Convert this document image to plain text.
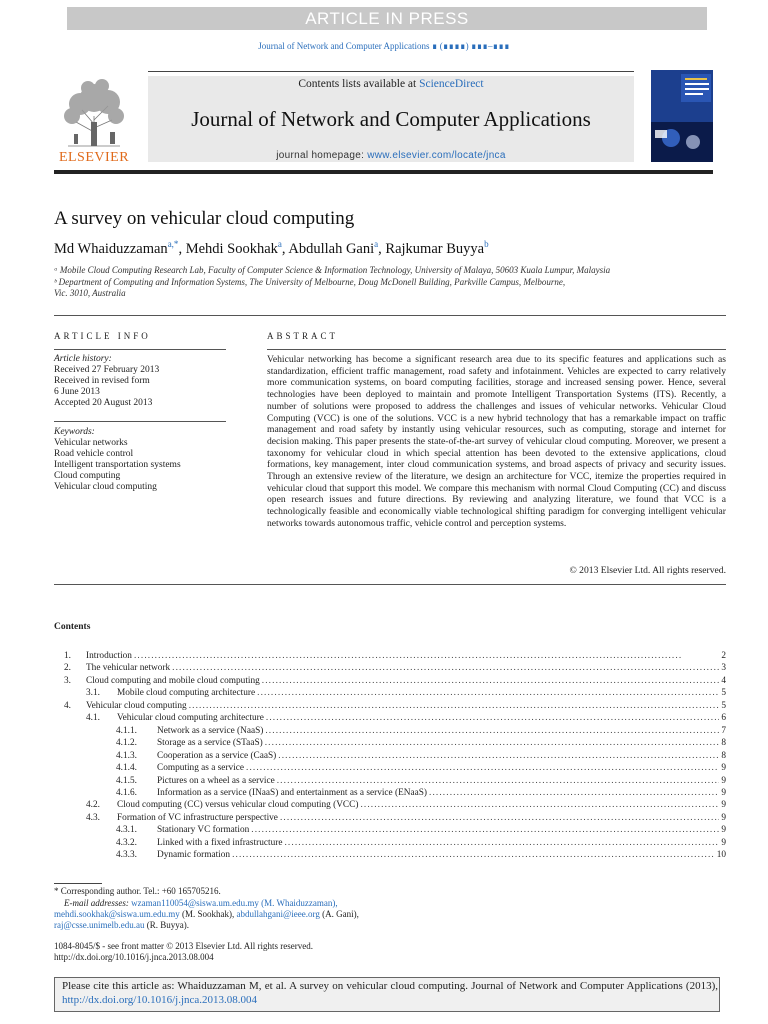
ARTICLE IN PRESS
Journal of Network and Computer Applications ∎ (∎∎∎∎) ∎∎∎–∎∎∎
Contents lists available at ScienceDirect
Journal of Network and Computer Applications
journal homepage: www.elsevier.com/locate/jnca
ELSEVIER
A survey on vehicular cloud computing
Md Whaiduzzaman$^{a,*}$, Mehdi Sookhak$^a$, Abdullah Gani$^a$, Rajkumar Buyya$^b$
ᵃ Mobile Cloud Computing Research Lab, Faculty of Computer Science & Information Technology, University of Malaya, 50603 Kuala Lumpur, Malaysia
ᵇ Department of Computing and Information Systems, The University of Melbourne, Doug McDonell Building, Parkville Campus, Melbourne,
Vic. 3010, Australia
ARTICLE INFO
Article history:
Received 27 February 2013
Received in revised form
6 June 2013
Accepted 20 August 2013
Keywords:
Vehicular networks
Road vehicle control
Intelligent transportation systems
Cloud computing
Vehicular cloud computing
ABSTRACT
Vehicular networking has become a significant research area due to its specific features and applications such as standardization, efficient traffic management, road safety and infotainment. Vehicles are expected to carry relatively more communication systems, on board computing facilities, storage and increased sensing power. Hence, several technologies have been deployed to maintain and promote Intelligent Transportation Systems (ITS). Recently, a number of solutions were proposed to address the challenges and issues of vehicular networks. Vehicular Cloud Computing (VCC) is one of the solutions. VCC is a new hybrid technology that has a remarkable impact on traffic management and road safety by instantly using vehicular resources, such as computing, storage and internet for decision making. This paper presents the state-of-the-art survey of vehicular cloud computing. Moreover, we present a taxonomy for vehicular cloud in which special attention has been devoted to the extensive applications, cloud formations, key management, inter cloud communication systems, and broad aspects of privacy and security issues. Through an extensive review of the literature, we design an architecture for VCC, itemize the properties required in vehicular cloud that support this model. We compare this mechanism with normal Cloud Computing (CC) and discuss open research issues and future directions. By reviewing and analyzing literature, we found that VCC is a technologically feasible and economically viable technological shifting paradigm for converging intelligent vehicular networks towards autonomous traffic, vehicle control and perception systems.
© 2013 Elsevier Ltd. All rights reserved.
Contents
1. Introduction . . .	2
2. The vehicular network . . .	3
3. Cloud computing and mobile cloud computing . . .	4
3.1. Mobile cloud computing architecture . . .	5
4. Vehicular cloud computing . . .	5
4.1. Vehicular cloud computing architecture . . .	6
4.1.1. Network as a service (NaaS) . . .	7
4.1.2. Storage as a service (STaaS) . . .	8
4.1.3. Cooperation as a service (CaaS) . . .	8
4.1.4. Computing as a service . . .	9
4.1.5. Pictures on a wheel as a service . . .	9
4.1.6. Information as a service (INaaS) and entertainment as a service (ENaaS) . . .	9
4.2. Cloud computing (CC) versus vehicular cloud computing (VCC) . . .	9
4.3. Formation of VC infrastructure perspective . . .	9
4.3.1. Stationary VC formation . . .	9
4.3.2. Linked with a fixed infrastructure . . .	9
4.3.3. Dynamic formation . . .	10
* Corresponding author. Tel.: +60 165705216.
E-mail addresses: wzaman110054@siswa.um.edu.my (M. Whaiduzzaman),
mehdi.sookhak@siswa.um.edu.my (M. Sookhak), abdullahgani@ieee.org (A. Gani),
raj@csse.unimelb.edu.au (R. Buyya).
1084-8045/$ - see front matter © 2013 Elsevier Ltd. All rights reserved.
http://dx.doi.org/10.1016/j.jnca.2013.08.004
Please cite this article as: Whaiduzzaman M, et al. A survey on vehicular cloud computing. Journal of Network and Computer Applications (2013), http://dx.doi.org/10.1016/j.jnca.2013.08.004
